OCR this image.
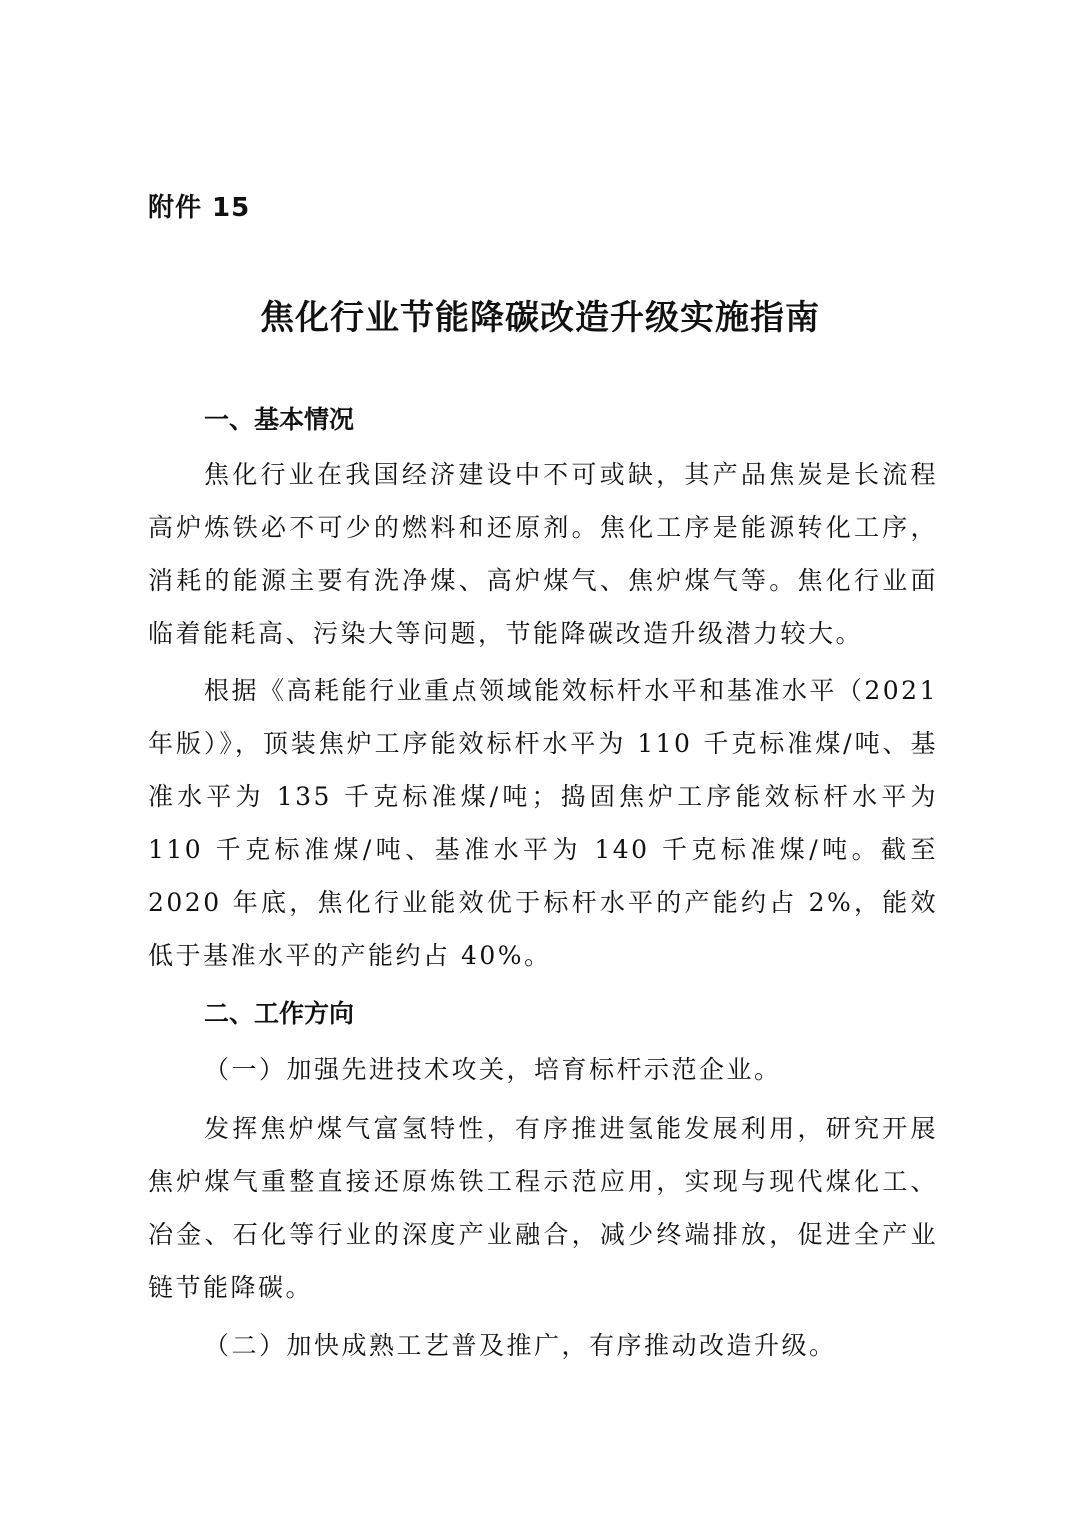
附件 15
焦化行业节能降碳改造升级实施指南
一、基本情况

焦化行业在我国经济建设中不可或缺，其产品焦炭是长流程高炉炼铁必不可少的燃料和还原剂。焦化工序是能源转化工序，消耗的能源主要有洗净煤、高炉煤气、焦炉煤气等。焦化行业面临着能耗高、污染大等问题，节能降碳改造升级潜力较大。

根据《高耗能行业重点领域能效标杆水平和基准水平（2021年版）》，顶装焦炉工序能效标杆水平为 110 千克标准煤/吨、基准水平为 135 千克标准煤/吨；捣固焦炉工序能效标杆水平为 110 千克标准煤/吨、基准水平为 140 千克标准煤/吨。截至 2020 年底，焦化行业能效优于标杆水平的产能约占 2%，能效低于基准水平的产能约占 40%。

二、工作方向
（一）加强先进技术攻关，培育标杆示范企业。

发挥焦炉煤气富氢特性，有序推进氢能发展利用，研究开展焦炉煤气重整直接还原炼铁工程示范应用，实现与现代煤化工、冶金、石化等行业的深度产业融合，减少终端排放，促进全产业链节能降碳。

（二）加快成熟工艺普及推广，有序推动改造升级。
